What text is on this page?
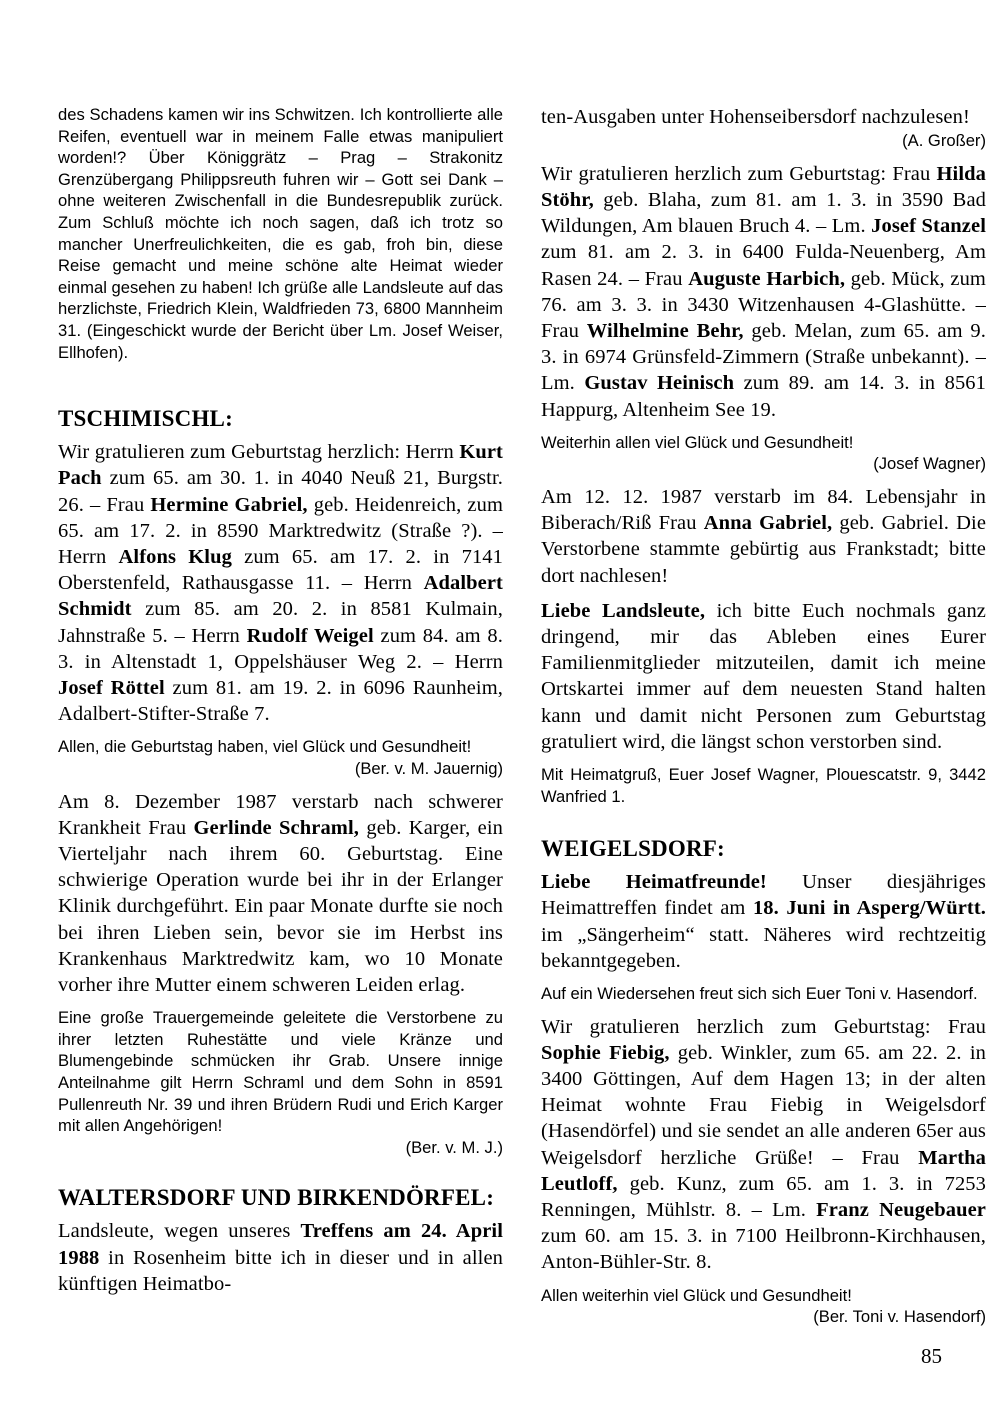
des Schadens kamen wir ins Schwitzen. Ich kontrollierte alle Reifen, eventuell war in meinem Falle etwas manipuliert worden!? Über Königgrätz – Prag – Strakonitz Grenzübergang Philippsreuth fuhren wir – Gott sei Dank – ohne weiteren Zwischenfall in die Bundesrepublik zurück. Zum Schluß möchte ich noch sagen, daß ich trotz so mancher Unerfreulichkeiten, die es gab, froh bin, diese Reise gemacht und meine schöne alte Heimat wieder einmal gesehen zu haben! Ich grüße alle Landsleute auf das herzlichste, Friedrich Klein, Waldfrieden 73, 6800 Mannheim 31. (Eingeschickt wurde der Bericht über Lm. Josef Weiser, Ellhofen).

TSCHIMISCHL:

Wir gratulieren zum Geburtstag herzlich: Herrn Kurt Pach zum 65. am 30. 1. in 4040 Neuß 21, Burgstr. 26. – Frau Hermine Gabriel, geb. Heidenreich, zum 65. am 17. 2. in 8590 Marktredwitz (Straße ?). – Herrn Alfons Klug zum 65. am 17. 2. in 7141 Oberstenfeld, Rathausgasse 11. – Herrn Adalbert Schmidt zum 85. am 20. 2. in 8581 Kulmain, Jahnstraße 5. – Herrn Rudolf Weigel zum 84. am 8. 3. in Altenstadt 1, Oppelshäuser Weg 2. – Herrn Josef Röttel zum 81. am 19. 2. in 6096 Raunheim, Adalbert-Stifter-Straße 7.

Allen, die Geburtstag haben, viel Glück und Gesundheit!

(Ber. v. M. Jauernig)

Am 8. Dezember 1987 verstarb nach schwerer Krankheit Frau Gerlinde Schraml, geb. Karger, ein Vierteljahr nach ihrem 60. Geburtstag. Eine schwierige Operation wurde bei ihr in der Erlanger Klinik durchgeführt. Ein paar Monate durfte sie noch bei ihren Lieben sein, bevor sie im Herbst ins Krankenhaus Marktredwitz kam, wo 10 Monate vorher ihre Mutter einem schweren Leiden erlag.

Eine große Trauergemeinde geleitete die Verstorbene zu ihrer letzten Ruhestätte und viele Kränze und Blumengebinde schmücken ihr Grab. Unsere innige Anteilnahme gilt Herrn Schraml und dem Sohn in 8591 Pullenreuth Nr. 39 und ihren Brüdern Rudi und Erich Karger mit allen Angehörigen!

(Ber. v. M. J.)

WALTERSDORF UND BIRKENDÖRFEL:

Landsleute, wegen unseres Treffens am 24. April 1988 in Rosenheim bitte ich in dieser und in allen künftigen Heimatbo-

ten-Ausgaben unter Hohenseibersdorf nachzulesen!

(A. Großer)

Wir gratulieren herzlich zum Geburtstag: Frau Hilda Stöhr, geb. Blaha, zum 81. am 1. 3. in 3590 Bad Wildungen, Am blauen Bruch 4. – Lm. Josef Stanzel zum 81. am 2. 3. in 6400 Fulda-Neuenberg, Am Rasen 24. – Frau Auguste Harbich, geb. Mück, zum 76. am 3. 3. in 3430 Witzenhausen 4-Glashütte. – Frau Wilhelmine Behr, geb. Melan, zum 65. am 9. 3. in 6974 Grünsfeld-Zimmern (Straße unbekannt). – Lm. Gustav Heinisch zum 89. am 14. 3. in 8561 Happurg, Altenheim See 19.

Weiterhin allen viel Glück und Gesundheit!

(Josef Wagner)

Am 12. 12. 1987 verstarb im 84. Lebensjahr in Biberach/Riß Frau Anna Gabriel, geb. Gabriel. Die Verstorbene stammte gebürtig aus Frankstadt; bitte dort nachlesen!

Liebe Landsleute, ich bitte Euch nochmals ganz dringend, mir das Ableben eines Eurer Familienmitglieder mitzuteilen, damit ich meine Ortskartei immer auf dem neuesten Stand halten kann und damit nicht Personen zum Geburtstag gratuliert wird, die längst schon verstorben sind.

Mit Heimatgruß, Euer Josef Wagner, Plouescatstr. 9, 3442 Wanfried 1.

WEIGELSDORF:

Liebe Heimatfreunde! Unser diesjähriges Heimattreffen findet am 18. Juni in Asperg/Württ. im „Sängerheim“ statt. Näheres wird rechtzeitig bekanntgegeben.

Auf ein Wiedersehen freut sich sich Euer Toni v. Hasendorf.

Wir gratulieren herzlich zum Geburtstag: Frau Sophie Fiebig, geb. Winkler, zum 65. am 22. 2. in 3400 Göttingen, Auf dem Hagen 13; in der alten Heimat wohnte Frau Fiebig in Weigelsdorf (Hasendörfel) und sie sendet an alle anderen 65er aus Weigelsdorf herzliche Grüße! – Frau Martha Leutloff, geb. Kunz, zum 65. am 1. 3. in 7253 Renningen, Mühlstr. 8. – Lm. Franz Neugebauer zum 60. am 15. 3. in 7100 Heilbronn-Kirchhausen, Anton-Bühler-Str. 8.

Allen weiterhin viel Glück und Gesundheit!

(Ber. Toni v. Hasendorf)

85
